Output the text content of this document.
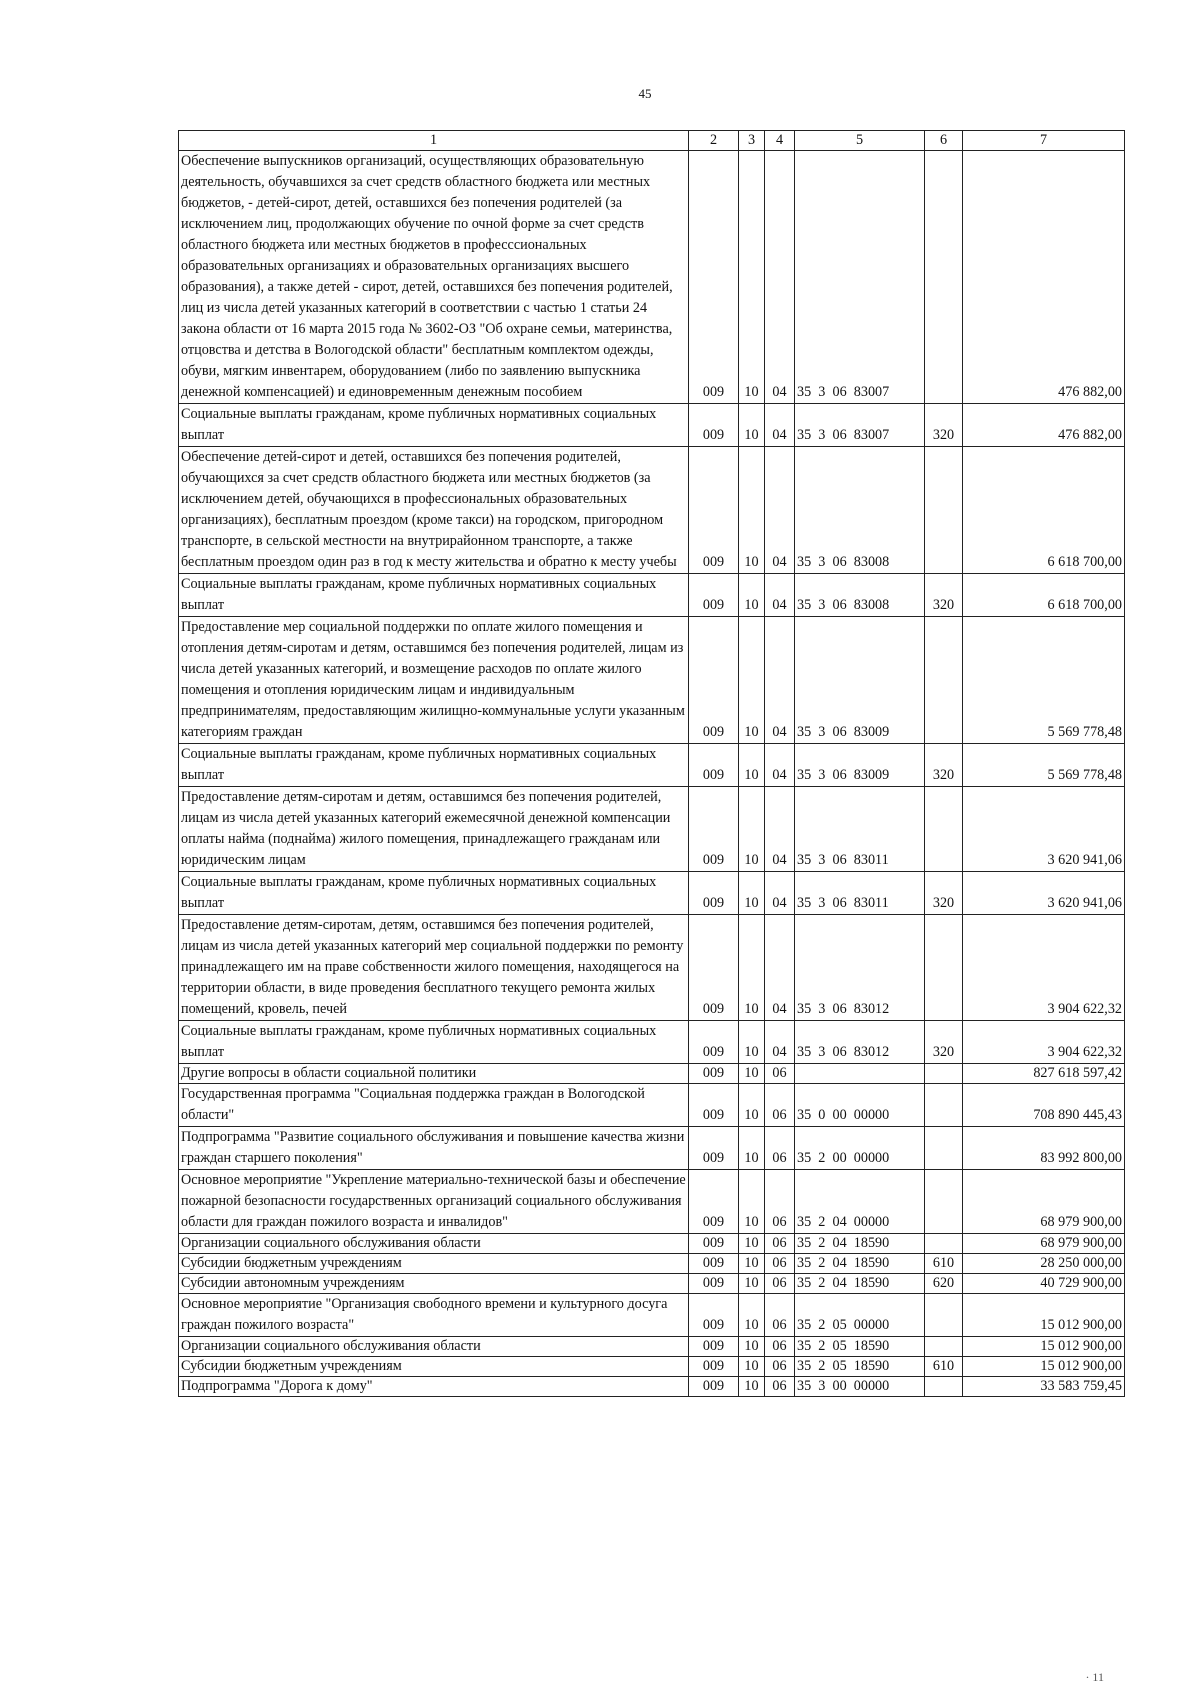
45
1	2	3	4	5	6	7
Обеспечение выпускников организаций, осуществляющих образовательную деятельность, обучавшихся за счет средств областного бюджета или местных бюджетов, - детей-сирот, детей, оставшихся без попечения родителей (за исключением лиц, продолжающих обучение по очной форме за счет средств областного бюджета или местных бюджетов в професссиональных образовательных организациях и образовательных организациях высшего образования), а также детей - сирот, детей, оставшихся без попечения родителей, лиц из числа детей указанных категорий в соответствии с частью 1 статьи 24 закона области от 16 марта 2015 года № 3602-ОЗ "Об охране семьи, материнства, отцовства и детства в Вологодской области" бесплатным комплектом одежды, обуви, мягким инвентарем, оборудованием (либо по заявлению выпускника денежной компенсацией) и единовременным денежным пособием	009	10	04	35  3  06  83007		476 882,00
Социальные выплаты гражданам, кроме публичных нормативных социальных выплат	009	10	04	35  3  06  83007	320	476 882,00
Обеспечение детей-сирот и детей, оставшихся без попечения родителей, обучающихся за счет средств областного бюджета или местных бюджетов (за исключением детей, обучающихся в профессиональных образовательных организациях), бесплатным проездом (кроме такси) на городском, пригородном транспорте, в сельской местности на внутрирайонном транспорте, а также бесплатным проездом один раз в год к месту жительства и обратно к месту учебы	009	10	04	35  3  06  83008		6 618 700,00
Социальные выплаты гражданам, кроме публичных нормативных социальных выплат	009	10	04	35  3  06  83008	320	6 618 700,00
Предоставление мер социальной поддержки по оплате жилого помещения и отопления детям-сиротам и детям, оставшимся без попечения родителей, лицам из числа детей указанных категорий, и возмещение расходов по оплате жилого помещения и отопления юридическим лицам и индивидуальным предпринимателям, предоставляющим жилищно-коммунальные услуги указанным категориям граждан	009	10	04	35  3  06  83009		5 569 778,48
Социальные выплаты гражданам, кроме публичных нормативных социальных выплат	009	10	04	35  3  06  83009	320	5 569 778,48
Предоставление детям-сиротам и детям, оставшимся без попечения родителей, лицам из числа детей указанных категорий ежемесячной денежной компенсации оплаты найма (поднайма) жилого помещения, принадлежащего гражданам или юридическим лицам	009	10	04	35  3  06  83011		3 620 941,06
Социальные выплаты гражданам, кроме публичных нормативных социальных выплат	009	10	04	35  3  06  83011	320	3 620 941,06
Предоставление детям-сиротам, детям, оставшимся без попечения родителей, лицам из числа детей указанных категорий мер социальной поддержки по ремонту принадлежащего им на праве собственности жилого помещения, находящегося на территории области, в виде проведения бесплатного текущего ремонта жилых помещений, кровель, печей	009	10	04	35  3  06  83012		3 904 622,32
Социальные выплаты гражданам, кроме публичных нормативных социальных выплат	009	10	04	35  3  06  83012	320	3 904 622,32
Другие вопросы в области социальной политики	009	10	06			827 618 597,42
Государственная программа "Социальная поддержка граждан в Вологодской области"	009	10	06	35  0  00  00000		708 890 445,43
Подпрограмма "Развитие социального обслуживания и повышение качества жизни граждан старшего поколения"	009	10	06	35  2  00  00000		83 992 800,00
Основное мероприятие "Укрепление материально-технической базы и обеспечение пожарной безопасности государственных организаций социального обслуживания области для граждан пожилого возраста и инвалидов"	009	10	06	35  2  04  00000		68 979 900,00
Организации социального обслуживания области	009	10	06	35  2  04  18590		68 979 900,00
Субсидии бюджетным учреждениям	009	10	06	35  2  04  18590	610	28 250 000,00
Субсидии автономным учреждениям	009	10	06	35  2  04  18590	620	40 729 900,00
Основное мероприятие "Организация свободного времени и культурного досуга граждан пожилого возраста"	009	10	06	35  2  05  00000		15 012 900,00
Организации социального обслуживания области	009	10	06	35  2  05  18590		15 012 900,00
Субсидии бюджетным учреждениям	009	10	06	35  2  05  18590	610	15 012 900,00
Подпрограмма "Дорога к дому"	009	10	06	35  3  00  00000		33 583 759,45
· 11
